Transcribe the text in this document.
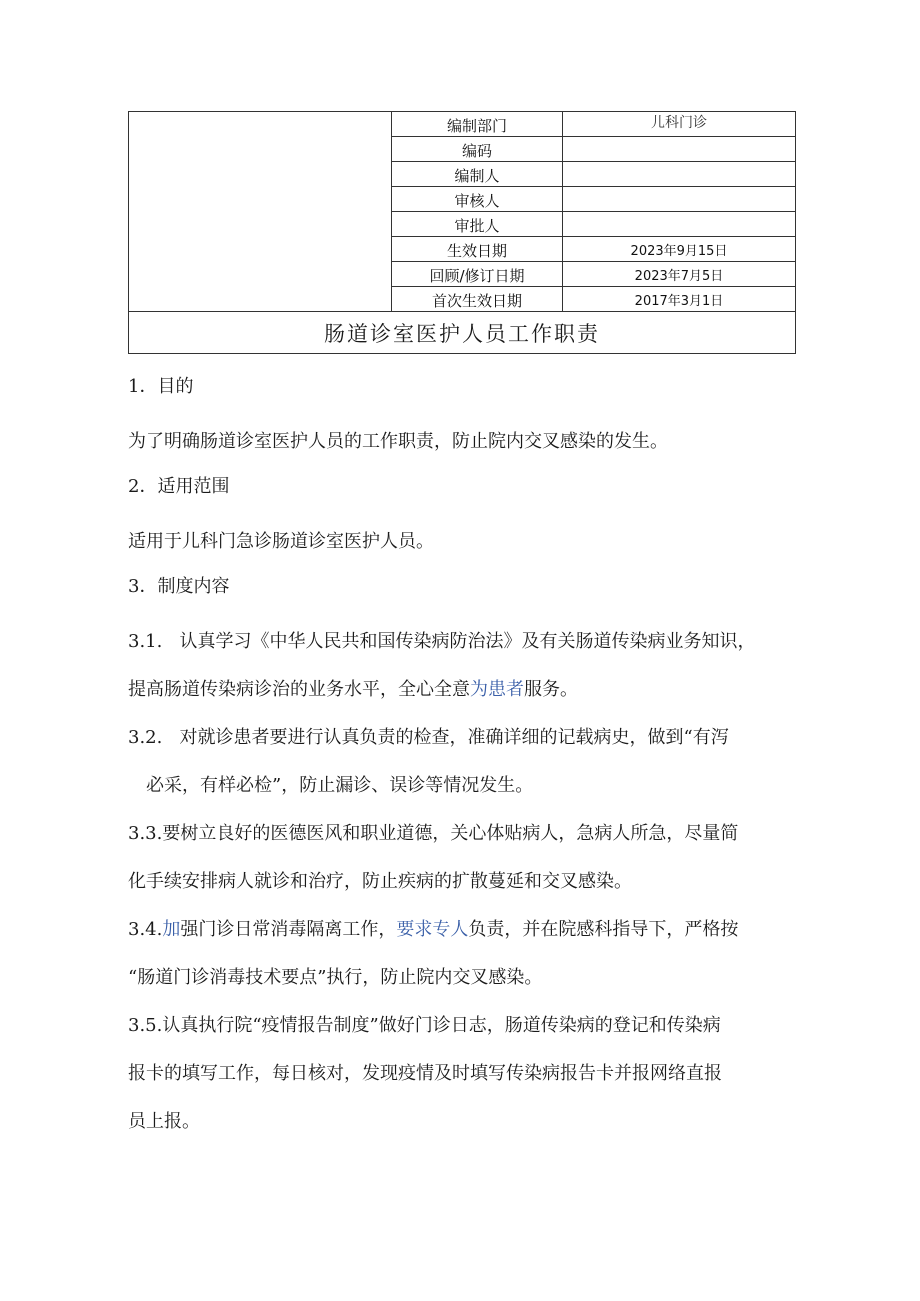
	编制部门	儿科门诊
	编码	
	编制人	
	审核人	
	审批人	
	生效日期	2023年9月15日
	回顾/修订日期	2023年7月5日
	首次生效日期	2017年3月1日
肠道诊室医护人员工作职责		

1．目的

为了明确肠道诊室医护人员的工作职责，防止院内交叉感染的发生。

2．适用范围

适用于儿科门急诊肠道诊室医护人员。

3．制度内容

3.1. 认真学习《中华人民共和国传染病防治法》及有关肠道传染病业务知识，
提高肠道传染病诊治的业务水平，全心全意为患者服务。

3.2. 对就诊患者要进行认真负责的检查，准确详细的记载病史，做到“有泻
必采，有样必检”，防止漏诊、误诊等情况发生。

3.3.要树立良好的医德医风和职业道德，关心体贴病人，急病人所急，尽量简
化手续安排病人就诊和治疗，防止疾病的扩散蔓延和交叉感染。

3.4.加强门诊日常消毒隔离工作，要求专人负责，并在院感科指导下，严格按
“肠道门诊消毒技术要点”执行，防止院内交叉感染。

3.5.认真执行院“疫情报告制度”做好门诊日志，肠道传染病的登记和传染病
报卡的填写工作，每日核对，发现疫情及时填写传染病报告卡并报网络直报
员上报。
